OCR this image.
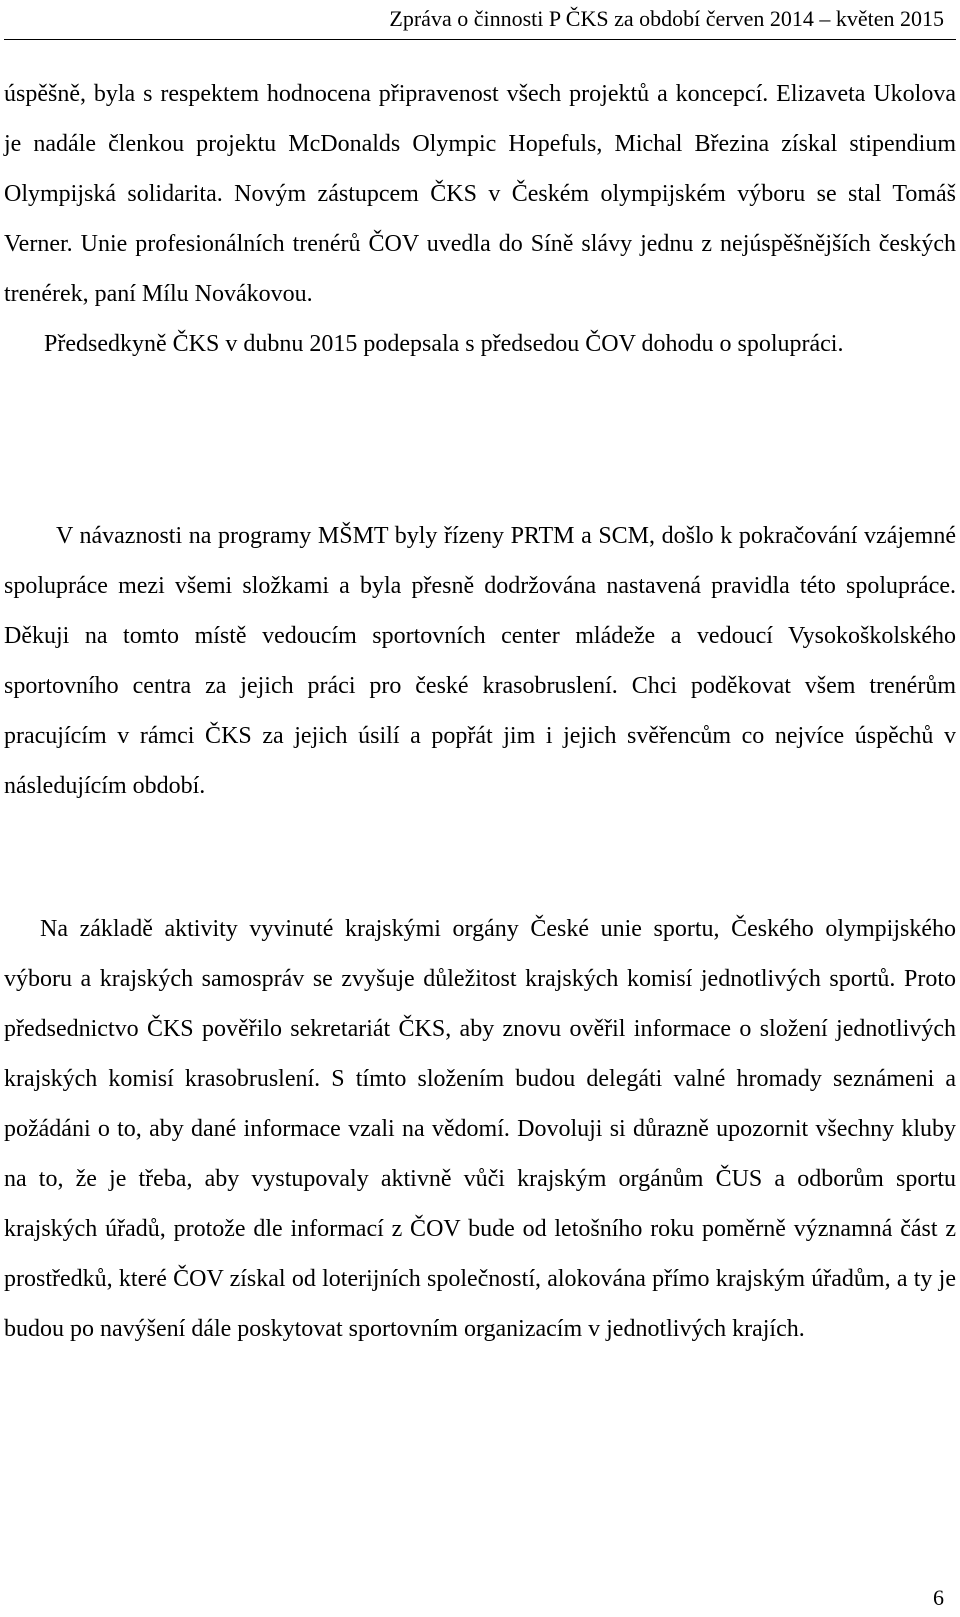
Zpráva o činnosti P ČKS za období červen 2014 – květen 2015

úspěšně, byla s respektem hodnocena připravenost všech projektů a koncepcí. Elizaveta Ukolova je nadále členkou projektu McDonalds Olympic Hopefuls, Michal Březina získal stipendium Olympijská solidarita. Novým zástupcem ČKS v Českém olympijském výboru se stal Tomáš Verner. Unie profesionálních trenérů ČOV uvedla do Síně slávy jednu z nejúspěšnějších českých trenérek, paní Mílu Novákovou.

Předsedkyně ČKS v dubnu 2015 podepsala s předsedou ČOV dohodu o spolupráci.

V návaznosti na programy MŠMT byly řízeny PRTM a SCM, došlo k pokračování vzájemné spolupráce mezi všemi složkami a byla přesně dodržována nastavená pravidla této spolupráce. Děkuji na tomto místě vedoucím sportovních center mládeže a vedoucí Vysokoškolského sportovního centra za jejich práci pro české krasobruslení. Chci poděkovat všem trenérům pracujícím v rámci ČKS za jejich úsilí a popřát jim i jejich svěřencům co nejvíce úspěchů v následujícím období.

Na základě aktivity vyvinuté krajskými orgány České unie sportu, Českého olympijského výboru a krajských samospráv se zvyšuje důležitost krajských komisí jednotlivých sportů. Proto předsednictvo ČKS pověřilo sekretariát ČKS, aby znovu ověřil informace o složení jednotlivých krajských komisí krasobruslení. S tímto složením budou delegáti valné hromady seznámeni a požádáni o to, aby dané informace vzali na vědomí. Dovoluji si důrazně upozornit všechny kluby na to, že je třeba, aby vystupovaly aktivně vůči krajským orgánům ČUS a odborům sportu krajských úřadů, protože dle informací z ČOV bude od letošního roku poměrně významná část z prostředků, které ČOV získal od loterijních společností, alokována přímo krajským úřadům, a ty je budou po navýšení dále poskytovat sportovním organizacím v jednotlivých krajích.

6
